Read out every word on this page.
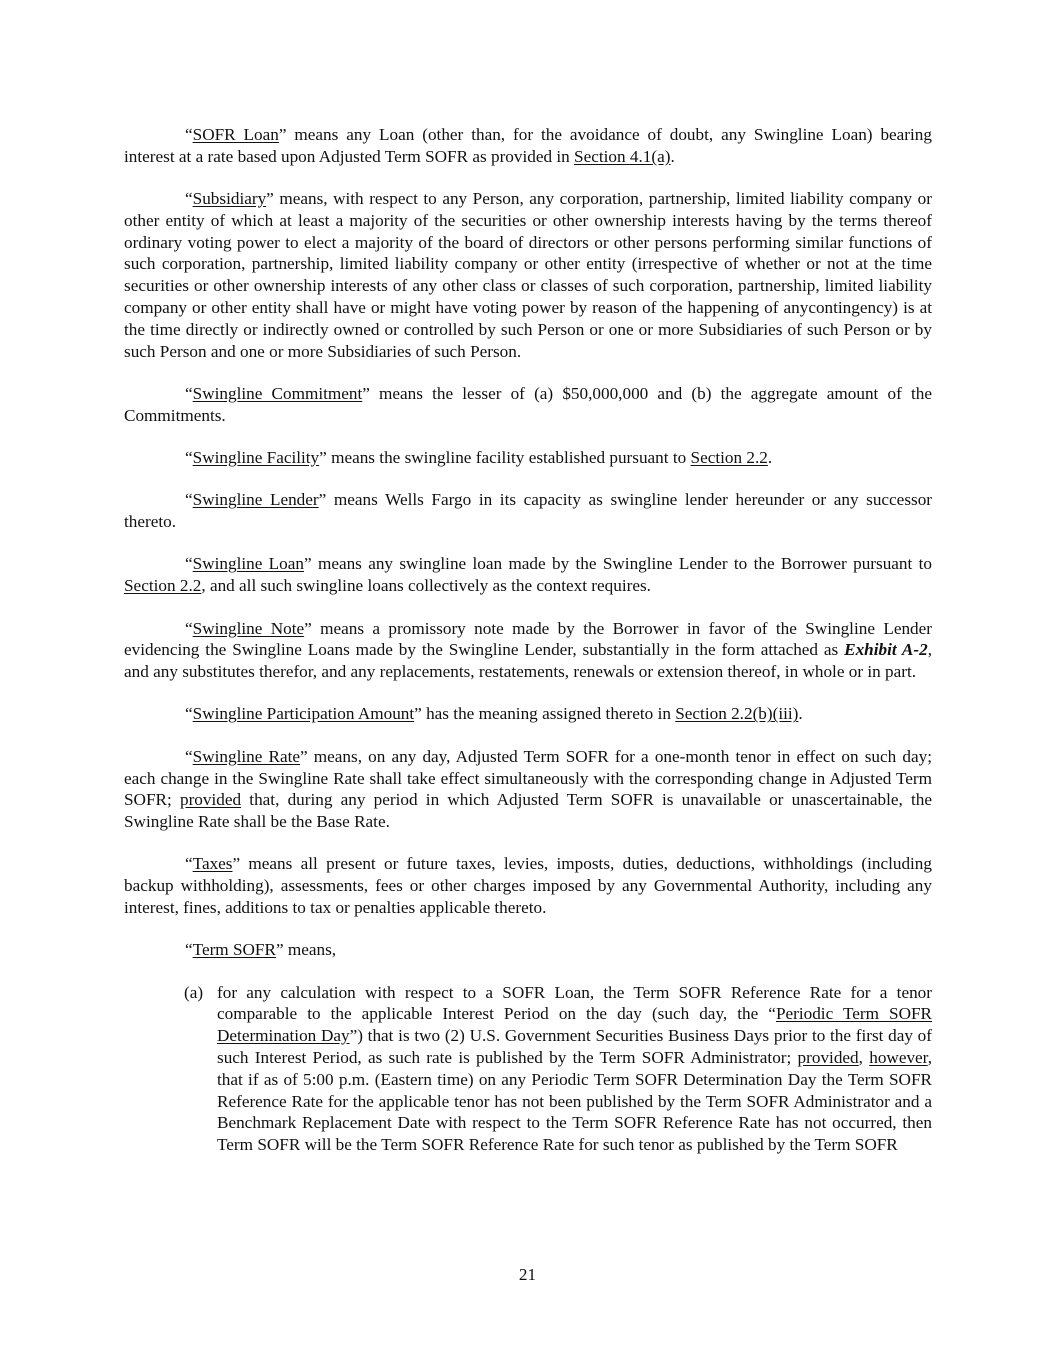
“SOFR Loan” means any Loan (other than, for the avoidance of doubt, any Swingline Loan) bearing interest at a rate based upon Adjusted Term SOFR as provided in Section 4.1(a).

“Subsidiary” means, with respect to any Person, any corporation, partnership, limited liability company or other entity of which at least a majority of the securities or other ownership interests having by the terms thereof ordinary voting power to elect a majority of the board of directors or other persons performing similar functions of such corporation, partnership, limited liability company or other entity (irrespective of whether or not at the time securities or other ownership interests of any other class or classes of such corporation, partnership, limited liability company or other entity shall have or might have voting power by reason of the happening of anycontingency) is at the time directly or indirectly owned or controlled by such Person or one or more Subsidiaries of such Person or by such Person and one or more Subsidiaries of such Person.

“Swingline Commitment” means the lesser of (a) $50,000,000 and (b) the aggregate amount of the Commitments.

“Swingline Facility” means the swingline facility established pursuant to Section 2.2.

“Swingline Lender” means Wells Fargo in its capacity as swingline lender hereunder or any successor thereto.

“Swingline Loan” means any swingline loan made by the Swingline Lender to the Borrower pursuant to Section 2.2, and all such swingline loans collectively as the context requires.

“Swingline Note” means a promissory note made by the Borrower in favor of the Swingline Lender evidencing the Swingline Loans made by the Swingline Lender, substantially in the form attached as Exhibit A-2, and any substitutes therefor, and any replacements, restatements, renewals or extension thereof, in whole or in part.

“Swingline Participation Amount” has the meaning assigned thereto in Section 2.2(b)(iii).

“Swingline Rate” means, on any day, Adjusted Term SOFR for a one-month tenor in effect on such day; each change in the Swingline Rate shall take effect simultaneously with the corresponding change in Adjusted Term SOFR; provided that, during any period in which Adjusted Term SOFR is unavailable or unascertainable, the Swingline Rate shall be the Base Rate.

“Taxes” means all present or future taxes, levies, imposts, duties, deductions, withholdings (including backup withholding), assessments, fees or other charges imposed by any Governmental Authority, including any interest, fines, additions to tax or penalties applicable thereto.

“Term SOFR” means,

(a) for any calculation with respect to a SOFR Loan, the Term SOFR Reference Rate for a tenor comparable to the applicable Interest Period on the day (such day, the “Periodic Term SOFR Determination Day”) that is two (2) U.S. Government Securities Business Days prior to the first day of such Interest Period, as such rate is published by the Term SOFR Administrator; provided, however, that if as of 5:00 p.m. (Eastern time) on any Periodic Term SOFR Determination Day the Term SOFR Reference Rate for the applicable tenor has not been published by the Term SOFR Administrator and a Benchmark Replacement Date with respect to the Term SOFR Reference Rate has not occurred, then Term SOFR will be the Term SOFR Reference Rate for such tenor as published by the Term SOFR
21
